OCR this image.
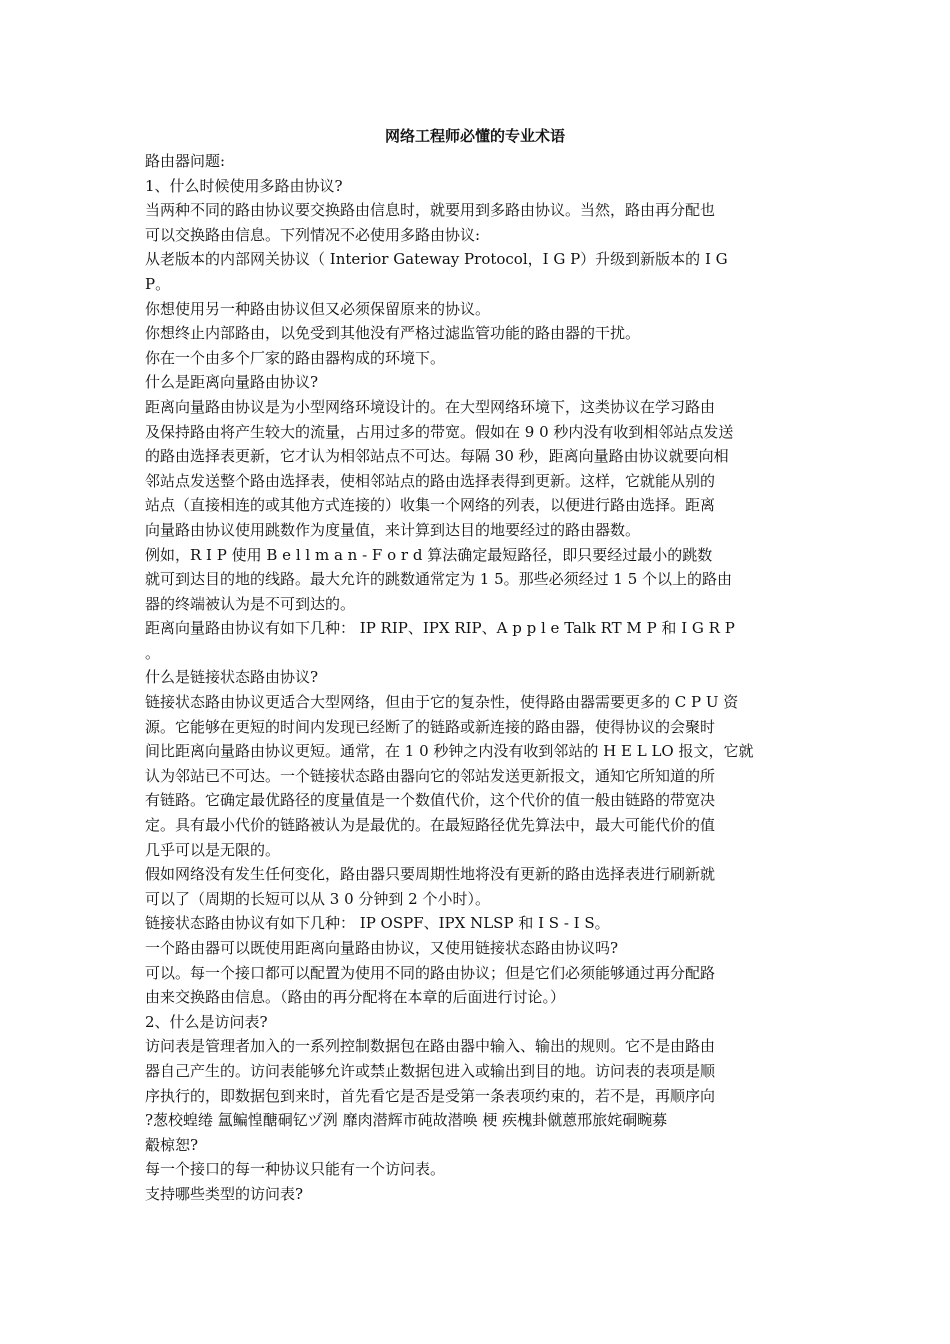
网络工程师必懂的专业术语
路由器问题:
1、什么时候使用多路由协议?
当两种不同的路由协议要交换路由信息时，就要用到多路由协议。当然，路由再分配也
可以交换路由信息。下列情况不必使用多路由协议:
从老版本的内部网关协议（ Interior Gateway Protocol，I G P）升级到新版本的 I G
P。
你想使用另一种路由协议但又必须保留原来的协议。
你想终止内部路由，以免受到其他没有严格过滤监管功能的路由器的干扰。
你在一个由多个厂家的路由器构成的环境下。
什么是距离向量路由协议?
距离向量路由协议是为小型网络环境设计的。在大型网络环境下，这类协议在学习路由
及保持路由将产生较大的流量，占用过多的带宽。假如在 9 0 秒内没有收到相邻站点发送
的路由选择表更新，它才认为相邻站点不可达。每隔 30 秒，距离向量路由协议就要向相
邻站点发送整个路由选择表，使相邻站点的路由选择表得到更新。这样，它就能从别的
站点（直接相连的或其他方式连接的）收集一个网络的列表，以便进行路由选择。距离
向量路由协议使用跳数作为度量值，来计算到达目的地要经过的路由器数。
例如，R I P 使用 B e l l m a n - F o r d 算法确定最短路径，即只要经过最小的跳数
就可到达目的地的线路。最大允许的跳数通常定为 1 5。那些必须经过 1 5 个以上的路由
器的终端被认为是不可到达的。
距离向量路由协议有如下几种： IP RIP、IPX RIP、A p p l e Talk RT M P 和 I G R P
。
什么是链接状态路由协议?
链接状态路由协议更适合大型网络，但由于它的复杂性，使得路由器需要更多的 C P U 资
源。它能够在更短的时间内发现已经断了的链路或新连接的路由器，使得协议的会聚时
间比距离向量路由协议更短。通常，在 1 0 秒钟之内没有收到邻站的 H E L LO 报文，它就
认为邻站已不可达。一个链接状态路由器向它的邻站发送更新报文，通知它所知道的所
有链路。它确定最优路径的度量值是一个数值代价，这个代价的值一般由链路的带宽决
定。具有最小代价的链路被认为是最优的。在最短路径优先算法中，最大可能代价的值
几乎可以是无限的。
假如网络没有发生任何变化，路由器只要周期性地将没有更新的路由选择表进行刷新就
可以了（周期的长短可以从 3 0 分钟到 2 个小时）。
链接状态路由协议有如下几种： IP OSPF、IPX NLSP 和 I S - I S。
一个路由器可以既使用距离向量路由协议，又使用链接状态路由协议吗?
可以。每一个接口都可以配置为使用不同的路由协议；但是它们必须能够通过再分配路
由来交换路由信息。（路由的再分配将在本章的后面进行讨论。）
2、什么是访问表?
访问表是管理者加入的一系列控制数据包在路由器中输入、输出的规则。它不是由路由
器自己产生的。访问表能够允许或禁止数据包进入或输出到目的地。访问表的表项是顺
序执行的，即数据包到来时，首先看它是否是受第一条表项约束的，若不是，再顺序向
?葱校蝗绻 氲鳊惶醣硐钇ヅ洌 靡肉潜辉市砘故潜唤 梗 疾槐卦僦蒽邢旅姹硐畹募
觳椋恕?
每一个接口的每一种协议只能有一个访问表。
支持哪些类型的访问表?
